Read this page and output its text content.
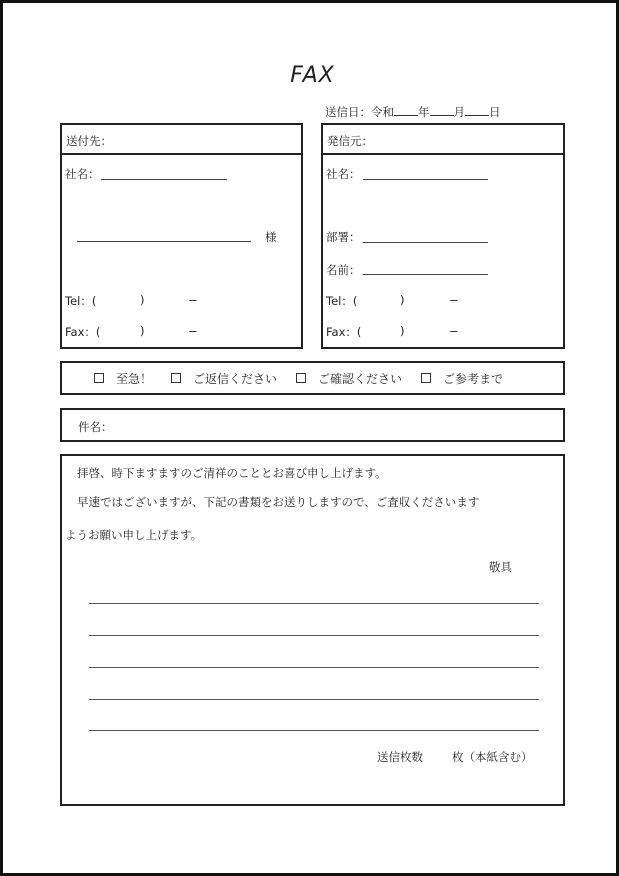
FAX
送信日：令和 年 月 日
送付先：
社名：
様
Tel：(	)	−
Fax：(	)	−
発信元：
社名：
部署：
名前：
Tel：(	)	−
Fax：(	)	−
至急！	ご返信ください	ご確認ください	ご参考まで
件名：
拝啓、時下ますますのご清祥のこととお喜び申し上げます。
早速ではございますが、下記の書類をお送りしますので、ご査収くださいます
ようお願い申し上げます。
敬具
送信枚数	枚（本紙含む）
